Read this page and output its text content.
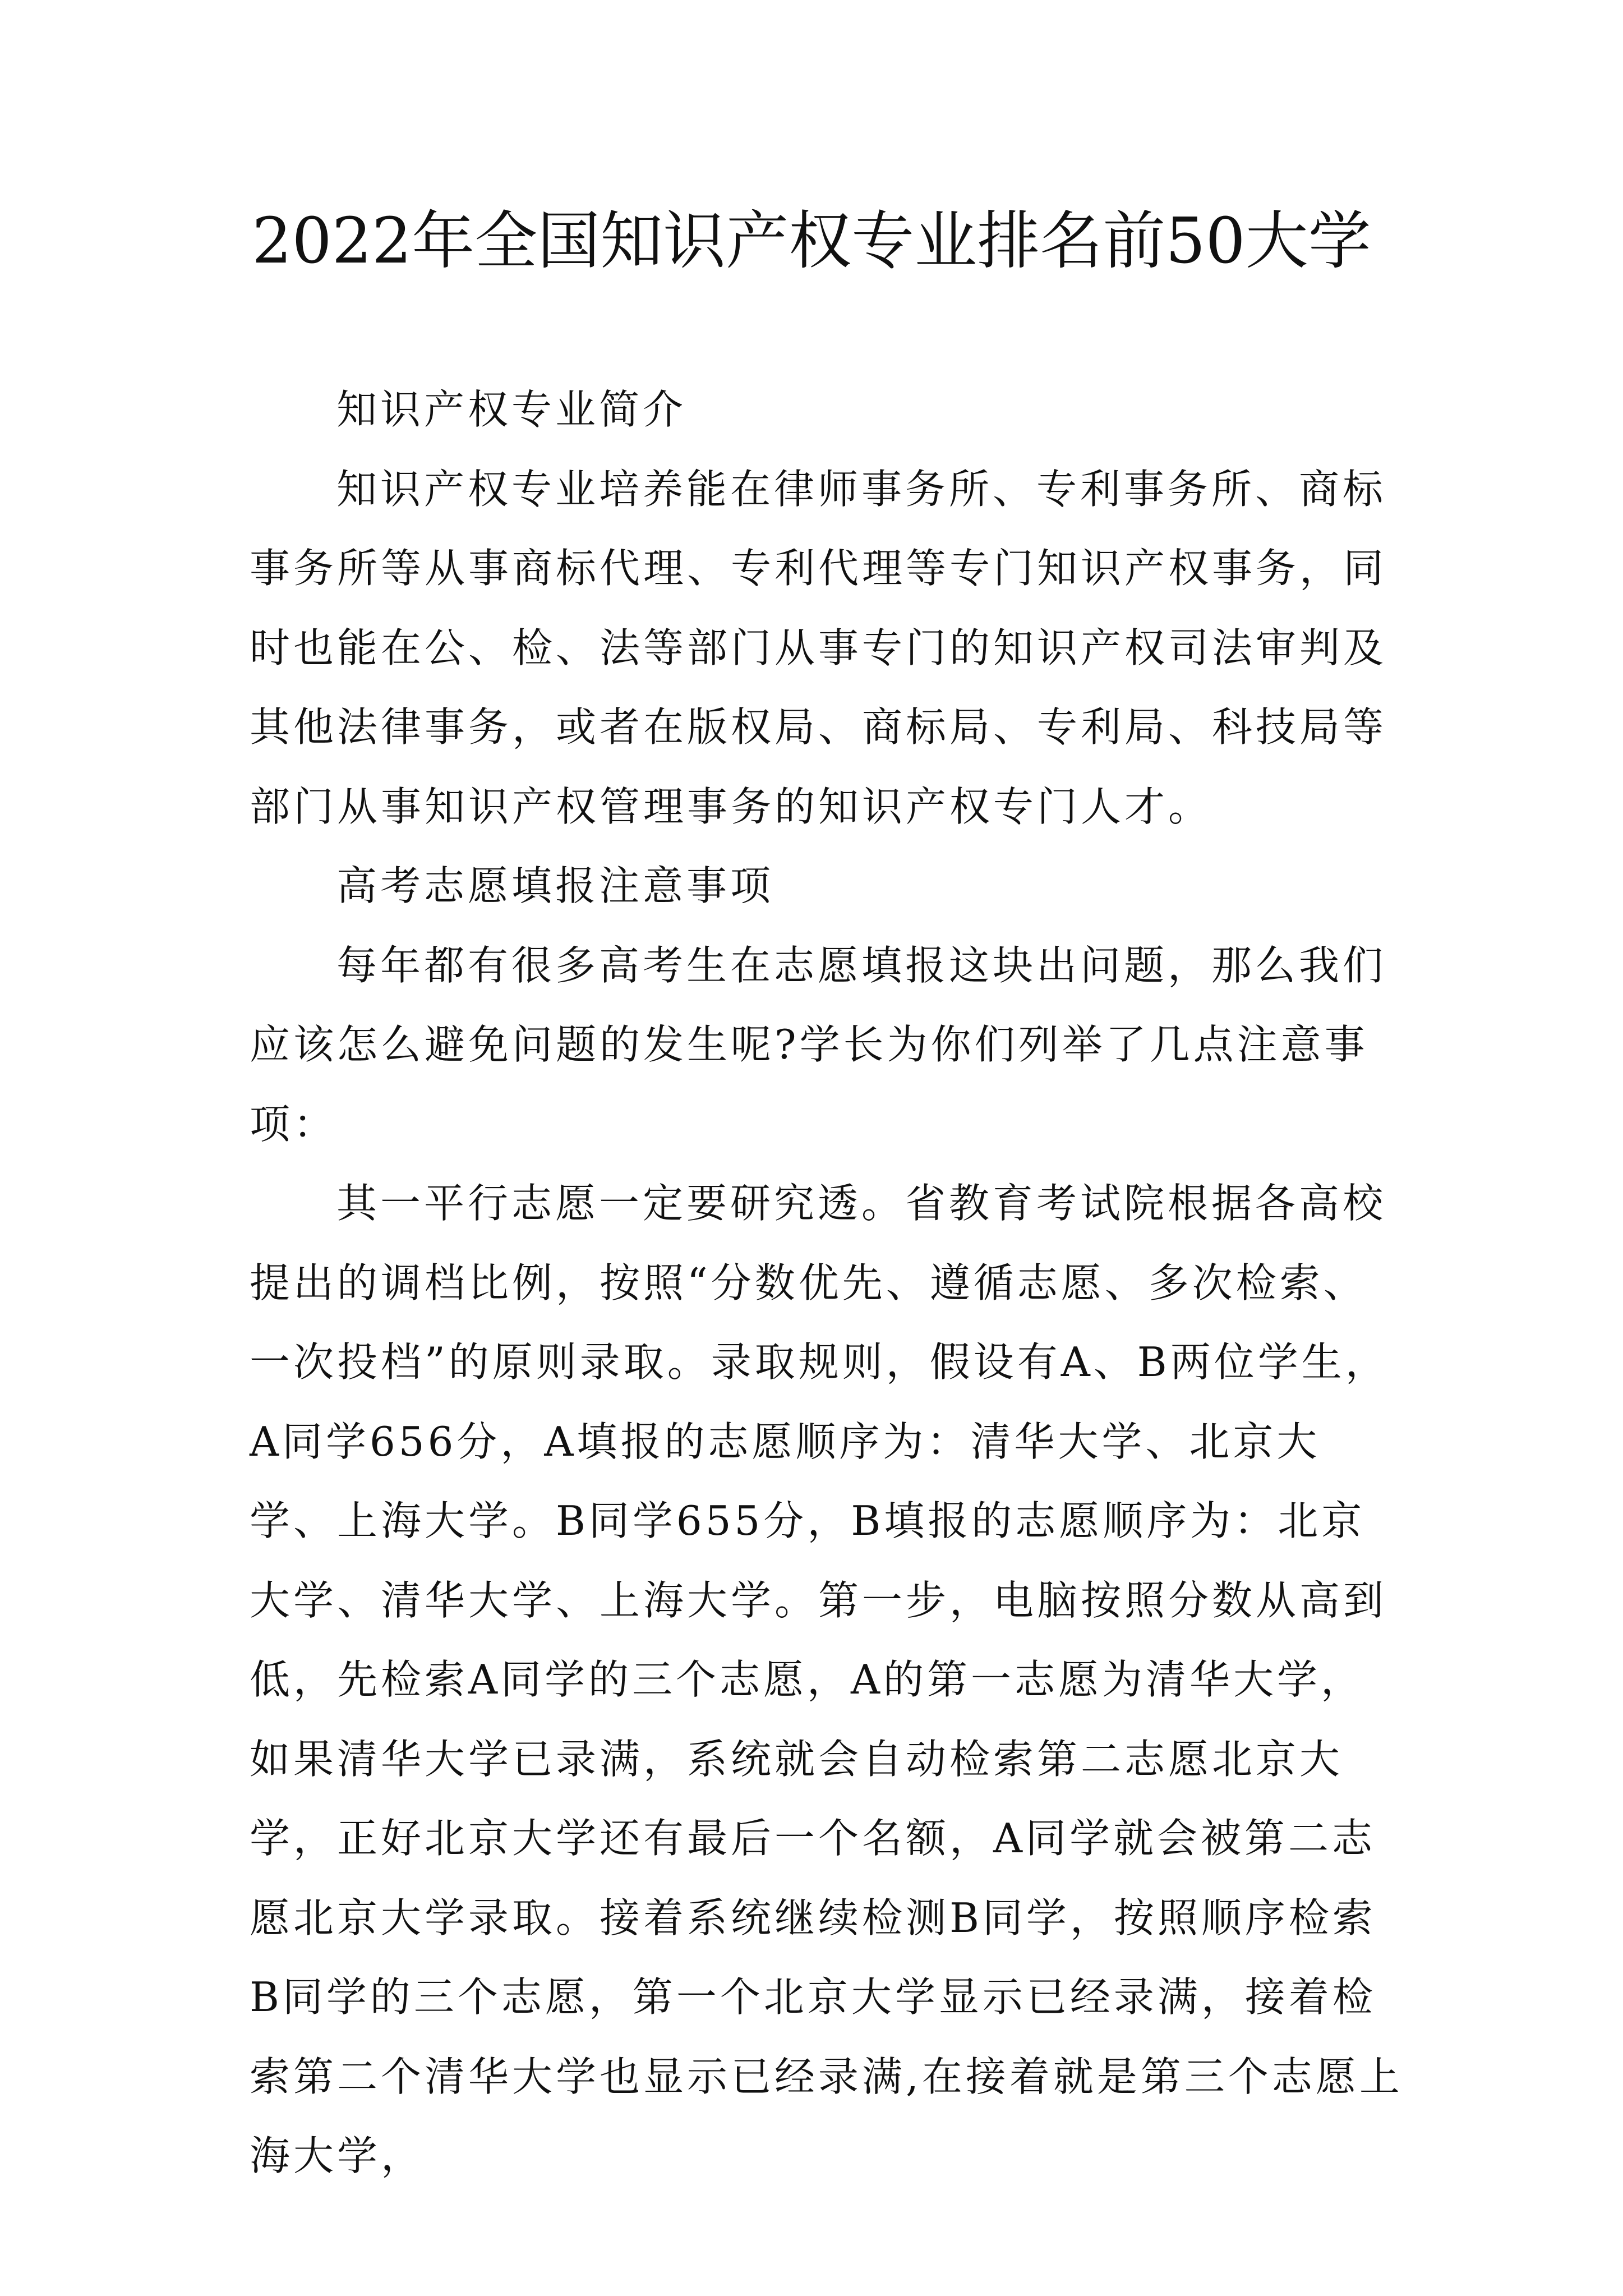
2022年全国知识产权专业排名前50大学

知识产权专业简介

知识产权专业培养能在律师事务所、专利事务所、商标事务所等从事商标代理、专利代理等专门知识产权事务，同时也能在公、检、法等部门从事专门的知识产权司法审判及其他法律事务，或者在版权局、商标局、专利局、科技局等部门从事知识产权管理事务的知识产权专门人才。

高考志愿填报注意事项

每年都有很多高考生在志愿填报这块出问题，那么我们应该怎么避免问题的发生呢?学长为你们列举了几点注意事项：

其一平行志愿一定要研究透。省教育考试院根据各高校提出的调档比例，按照“分数优先、遵循志愿、多次检索、一次投档”的原则录取。录取规则，假设有A、B两位学生，A同学656分，A填报的志愿顺序为：清华大学、北京大学、上海大学。B同学655分，B填报的志愿顺序为：北京大学、清华大学、上海大学。第一步，电脑按照分数从高到低，先检索A同学的三个志愿，A的第一志愿为清华大学，如果清华大学已录满，系统就会自动检索第二志愿北京大学，正好北京大学还有最后一个名额，A同学就会被第二志愿北京大学录取。接着系统继续检测B同学，按照顺序检索B同学的三个志愿，第一个北京大学显示已经录满，接着检索第二个清华大学也显示已经录满,在接着就是第三个志愿上海大学，
